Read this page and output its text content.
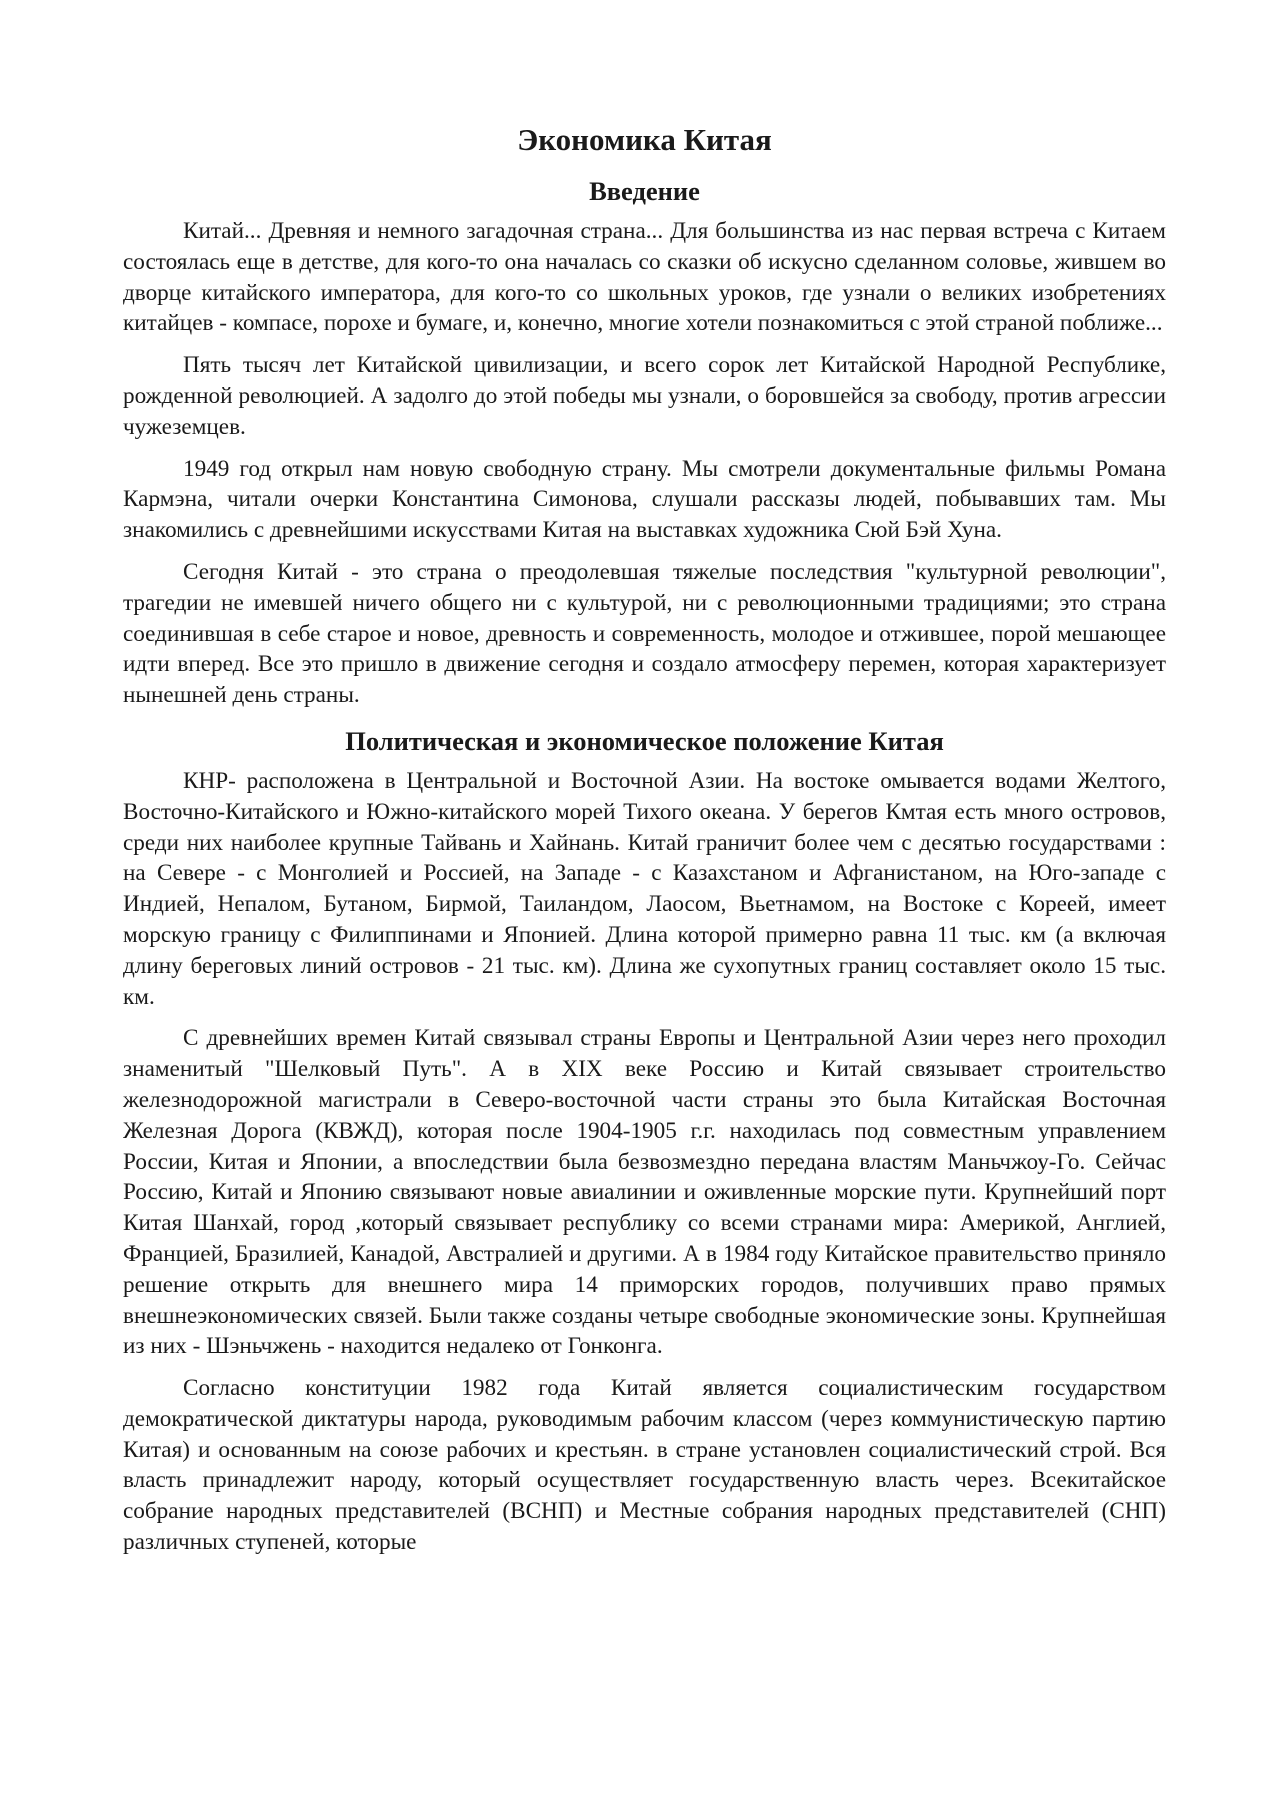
Экономика Китая
Введение

Китай... Древняя и немного загадочная страна... Для большинства из нас первая встреча с Китаем состоялась еще в детстве, для кого-то она началась со сказки об искусно сделанном соловье, жившем во дворце китайского императора, для кого-то со школьных уроков, где узнали о великих изобретениях китайцев - компасе, порохе и бумаге, и, конечно, многие хотели познакомиться с этой страной поближе...

Пять тысяч лет Китайской цивилизации, и всего сорок лет Китайской Народной Республике, рожденной революцией. А задолго до этой победы мы узнали, о боровшейся за свободу, против агрессии чужеземцев.

1949 год открыл нам новую свободную страну. Мы смотрели документальные фильмы Романа Кармэна, читали очерки Константина Симонова, слушали рассказы людей, побывавших там. Мы знакомились с древнейшими искусствами Китая на выставках художника Сюй Бэй Хуна.

Сегодня Китай - это страна о преодолевшая тяжелые последствия "культурной революции", трагедии не имевшей ничего общего ни с культурой, ни с революционными традициями; это страна соединившая в себе старое и новое, древность и современность, молодое и отжившее, порой мешающее идти вперед. Все это пришло в движение сегодня и создало атмосферу перемен, которая характеризует нынешней день страны.

Политическая и экономическое положение Китая

КНР- расположена в Центральной и Восточной Азии. На востоке омывается водами Желтого, Восточно-Китайского и Южно-китайского морей Тихого океана. У берегов Кмтая есть много островов, среди них наиболее крупные Тайвань и Хайнань. Китай граничит более чем с десятью государствами : на Севере - с Монголией и Россией, на Западе - с Казахстаном и Афганистаном, на Юго-западе с Индией, Непалом, Бутаном, Бирмой, Таиландом, Лаосом, Вьетнамом, на Востоке с Кореей, имеет морскую границу с Филиппинами и Японией. Длина которой примерно равна 11 тыс. км (а включая длину береговых линий островов - 21 тыс. км). Длина же сухопутных границ составляет около 15 тыс. км.

С древнейших времен Китай связывал страны Европы и Центральной Азии через него проходил знаменитый "Шелковый Путь". А в XIX веке Россию и Китай связывает строительство железнодорожной магистрали в Северо-восточной части страны это была Китайская Восточная Железная Дорога (КВЖД), которая после 1904-1905 г.г. находилась под совместным управлением России, Китая и Японии, а впоследствии была безвозмездно передана властям Маньчжоу-Го. Сейчас Россию, Китай и Японию связывают новые авиалинии и оживленные морские пути. Крупнейший порт Китая Шанхай, город ,который связывает республику со всеми странами мира: Америкой, Англией, Францией, Бразилией, Канадой, Австралией и другими. А в 1984 году Китайское правительство приняло решение открыть для внешнего мира 14 приморских городов, получивших право прямых внешнеэкономических связей. Были также созданы четыре свободные экономические зоны. Крупнейшая из них - Шэньчжень - находится недалеко от Гонконга.

Согласно конституции 1982 года Китай является социалистическим государством демократической диктатуры народа, руководимым рабочим классом (через коммунистическую партию Китая) и основанным на союзе рабочих и крестьян. в стране установлен социалистический строй. Вся власть принадлежит народу, который осуществляет государственную власть через. Всекитайское собрание народных представителей (ВСНП) и Местные собрания народных представителей (СНП) различных ступеней, которые
